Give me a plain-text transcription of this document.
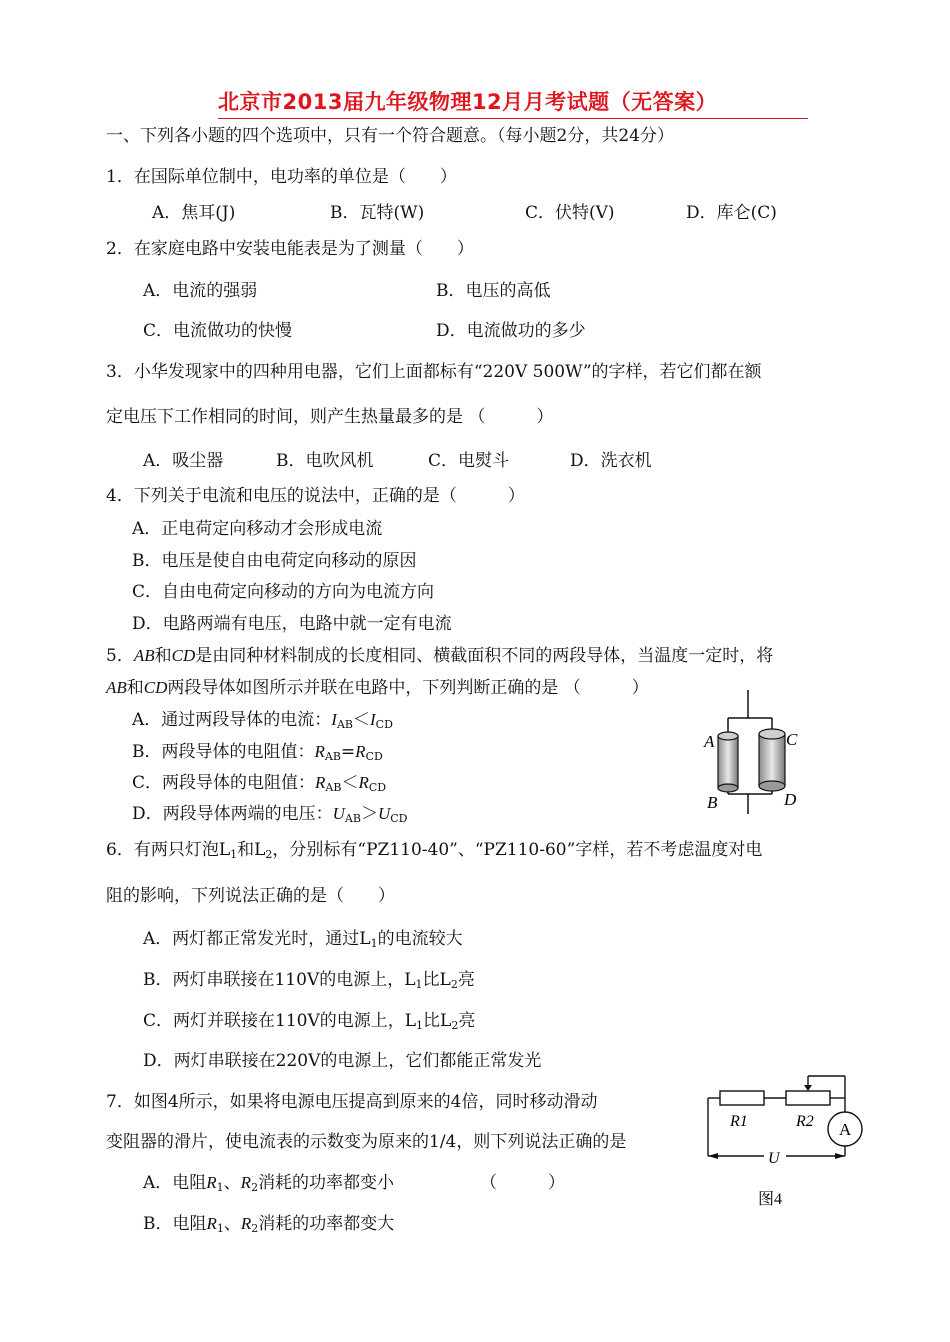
北京市2013届九年级物理12月月考试题（无答案）
一、下列各小题的四个选项中，只有一个符合题意。（每小题2分，共24分）
1．在国际单位制中，电功率的单位是（　　）
A．焦耳(J)	B．瓦特(W)	C．伏特(V)	D．库仑(C)
2．在家庭电路中安装电能表是为了测量（　　）
A．电流的强弱	B．电压的高低
C．电流做功的快慢	D．电流做功的多少
3．小华发现家中的四种用电器，它们上面都标有“220V 500W”的字样，若它们都在额
定电压下工作相同的时间，则产生热量最多的是 （　　　）
A．吸尘器	B．电吹风机	C．电熨斗	D．洗衣机
4．下列关于电流和电压的说法中，正确的是（　　　）
A．正电荷定向移动才会形成电流
B．电压是使自由电荷定向移动的原因
C．自由电荷定向移动的方向为电流方向
D．电路两端有电压，电路中就一定有电流
5．AB和CD是由同种材料制成的长度相同、横截面积不同的两段导体，当温度一定时，将
AB和CD两段导体如图所示并联在电路中，下列判断正确的是 （　　　）
A．通过两段导体的电流：$I_{AB}<I_{CD}$
B．两段导体的电阻值：$R_{AB}=R_{CD}$
C．两段导体的电阻值：$R_{AB}<R_{CD}$
D．两段导体两端的电压：$U_{AB}>U_{CD}$
A	C
B	D
6．有两只灯泡$L_1$和$L_2$，分别标有“PZ110-40”、“PZ110-60”字样，若不考虑温度对电
阻的影响，下列说法正确的是（　　）
A．两灯都正常发光时，通过$L_1$的电流较大
B．两灯串联接在110V的电源上，$L_1$比$L_2$亮
C．两灯并联接在110V的电源上，$L_1$比$L_2$亮
D．两灯串联接在220V的电源上，它们都能正常发光
7．如图4所示，如果将电源电压提高到原来的4倍，同时移动滑动
变阻器的滑片，使电流表的示数变为原来的1/4，则下列说法正确的是
A．电阻$R_1$、$R_2$消耗的功率都变小	（　　　）
B．电阻$R_1$、$R_2$消耗的功率都变大
R1	R2 A
U
图4
